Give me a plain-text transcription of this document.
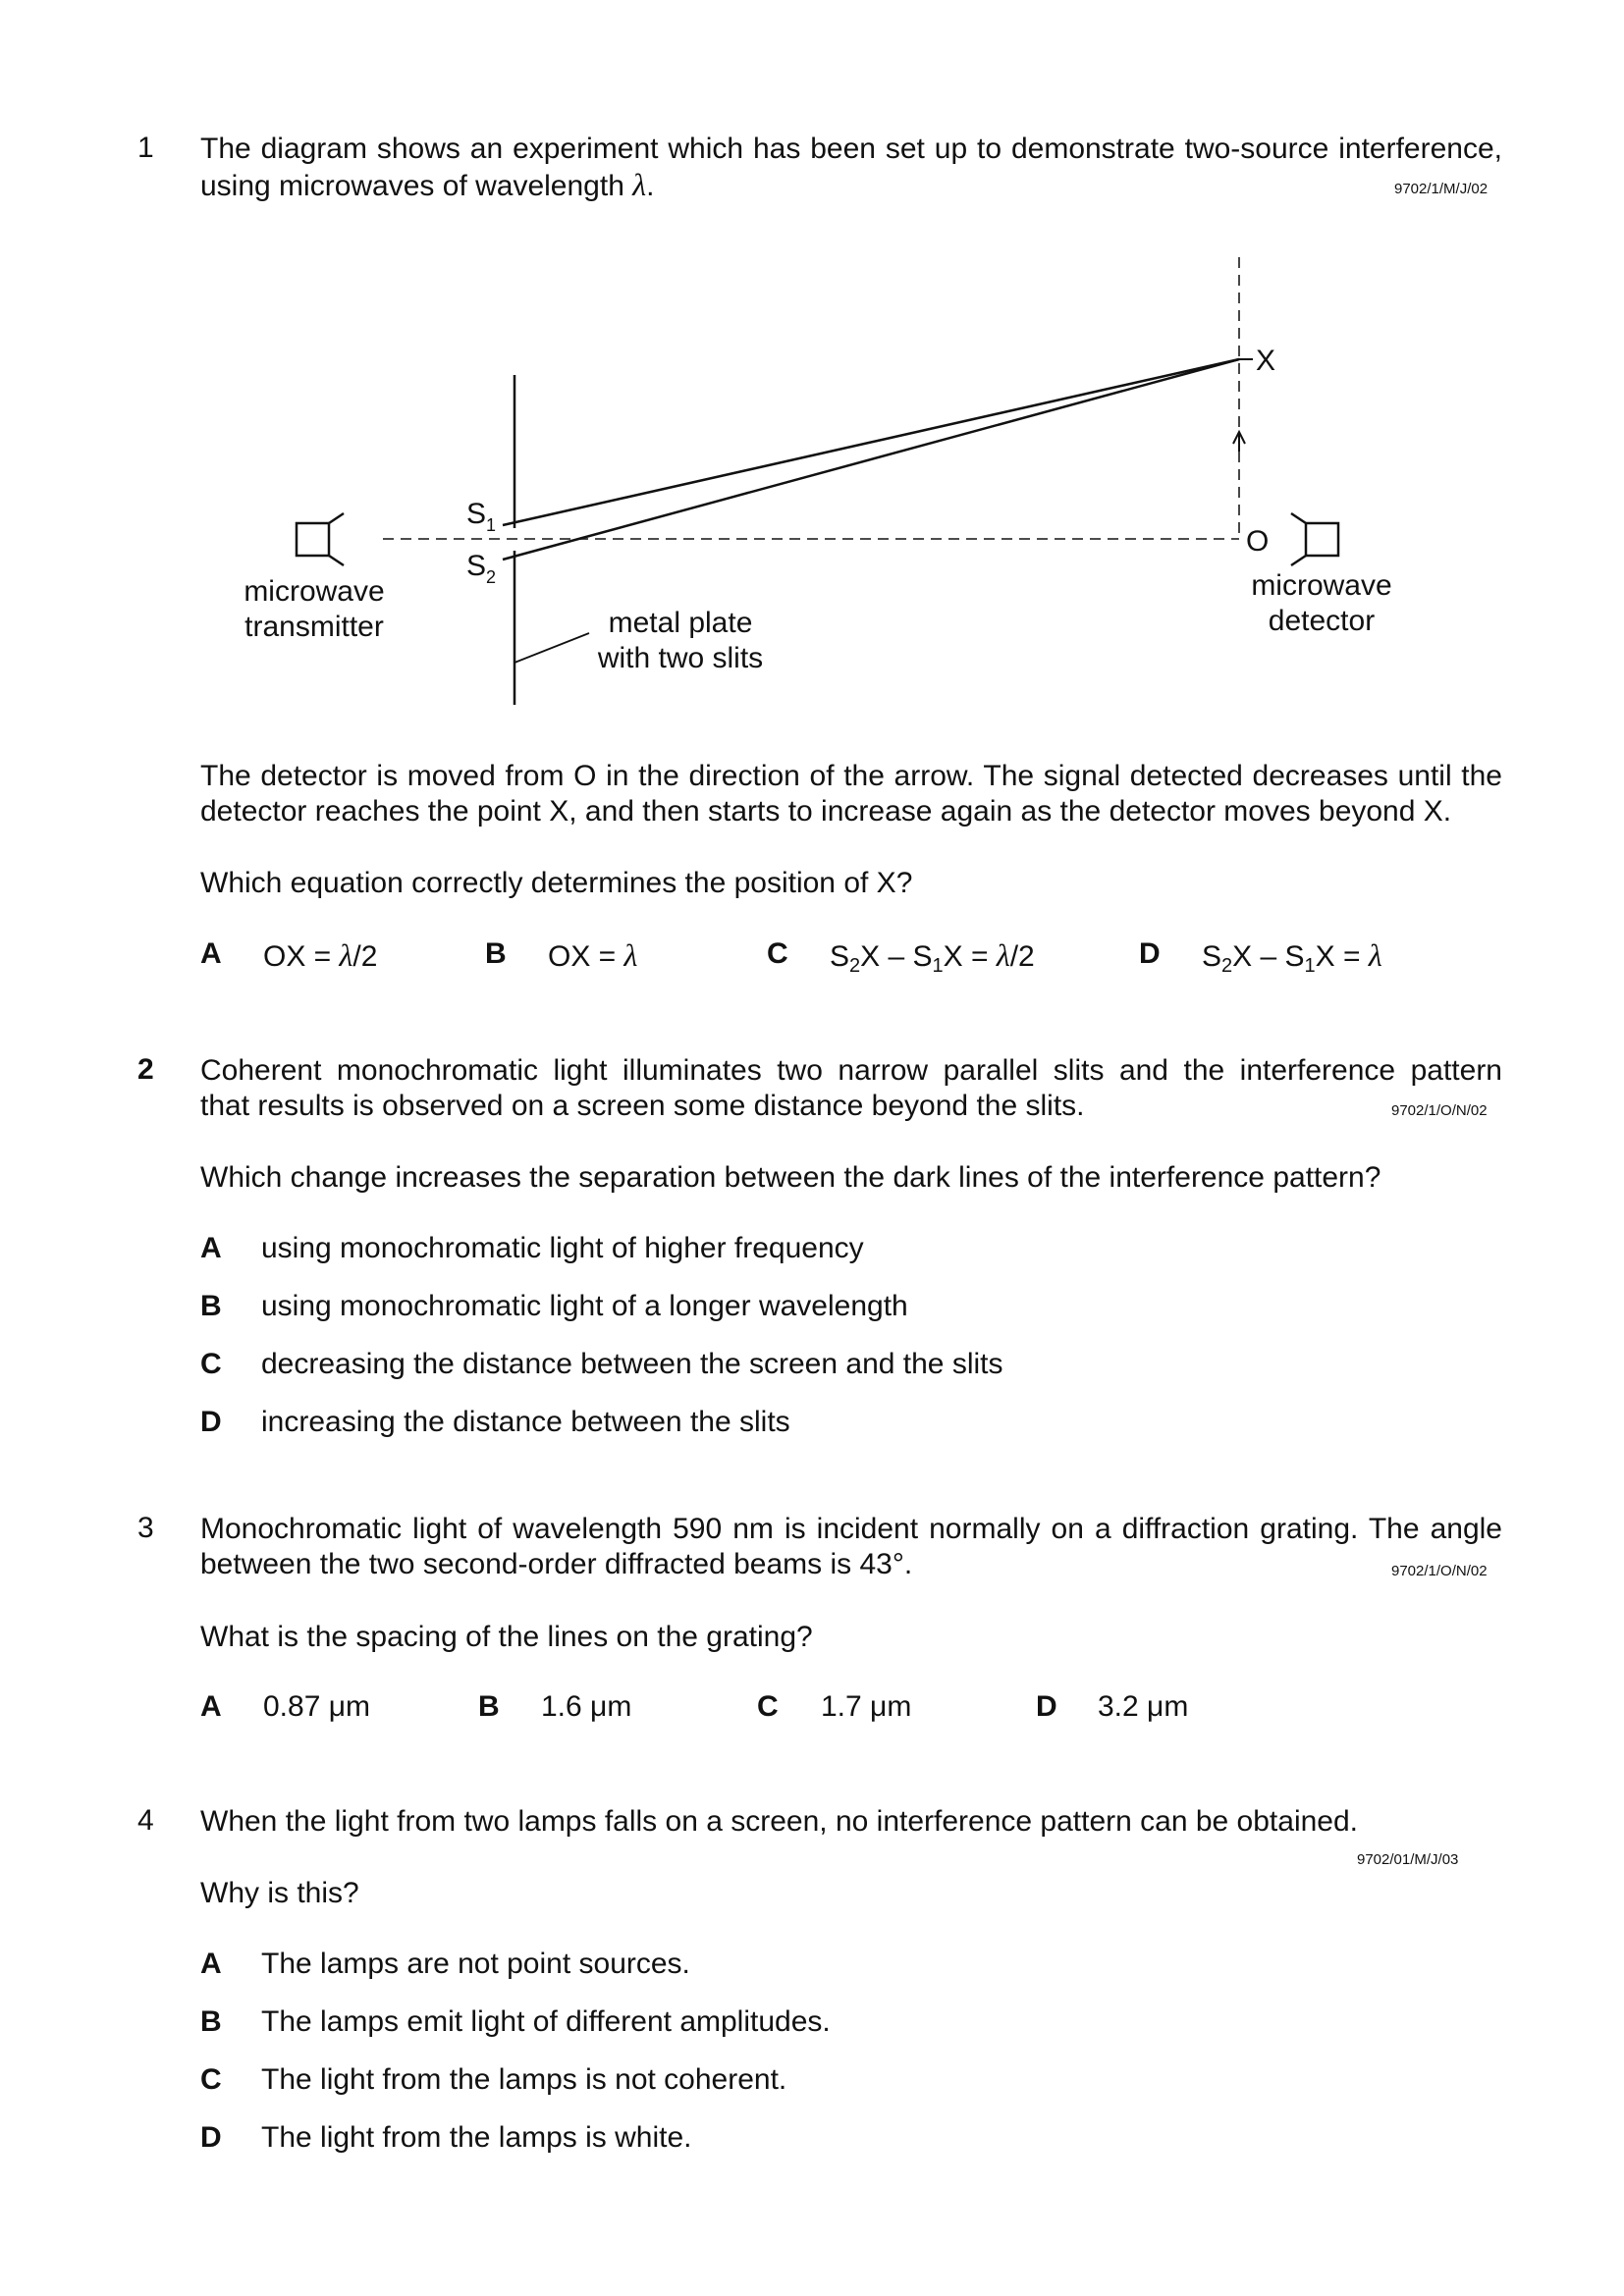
1 The diagram shows an experiment which has been set up to demonstrate two-source interference,
using microwaves of wavelength λ.	9702/1/M/J/02
$S_1$
$S_2$
X
O
microwave
transmitter
microwave
detector
metal plate
with two slits
The detector is moved from O in the direction of the arrow. The signal detected decreases until the
detector reaches the point X, and then starts to increase again as the detector moves beyond X.
Which equation correctly determines the position of X?
A OX = λ/2	B OX = λ	C $S_2X - S_1X = \lambda/2$	D $S_2X - S_1X = \lambda$
2 Coherent monochromatic light illuminates two narrow parallel slits and the interference pattern
that results is observed on a screen some distance beyond the slits.	9702/1/O/N/02
Which change increases the separation between the dark lines of the interference pattern?
A using monochromatic light of higher frequency
B using monochromatic light of a longer wavelength
C decreasing the distance between the screen and the slits
D increasing the distance between the slits
3 Monochromatic light of wavelength 590 nm is incident normally on a diffraction grating. The angle
between the two second-order diffracted beams is 43°.	9702/1/O/N/02
What is the spacing of the lines on the grating?
A 0.87 μm	B 1.6 μm	C 1.7 μm	D 3.2 μm
4 When the light from two lamps falls on a screen, no interference pattern can be obtained.
9702/01/M/J/03
Why is this?
A The lamps are not point sources.
B The lamps emit light of different amplitudes.
C The light from the lamps is not coherent.
D The light from the lamps is white.
